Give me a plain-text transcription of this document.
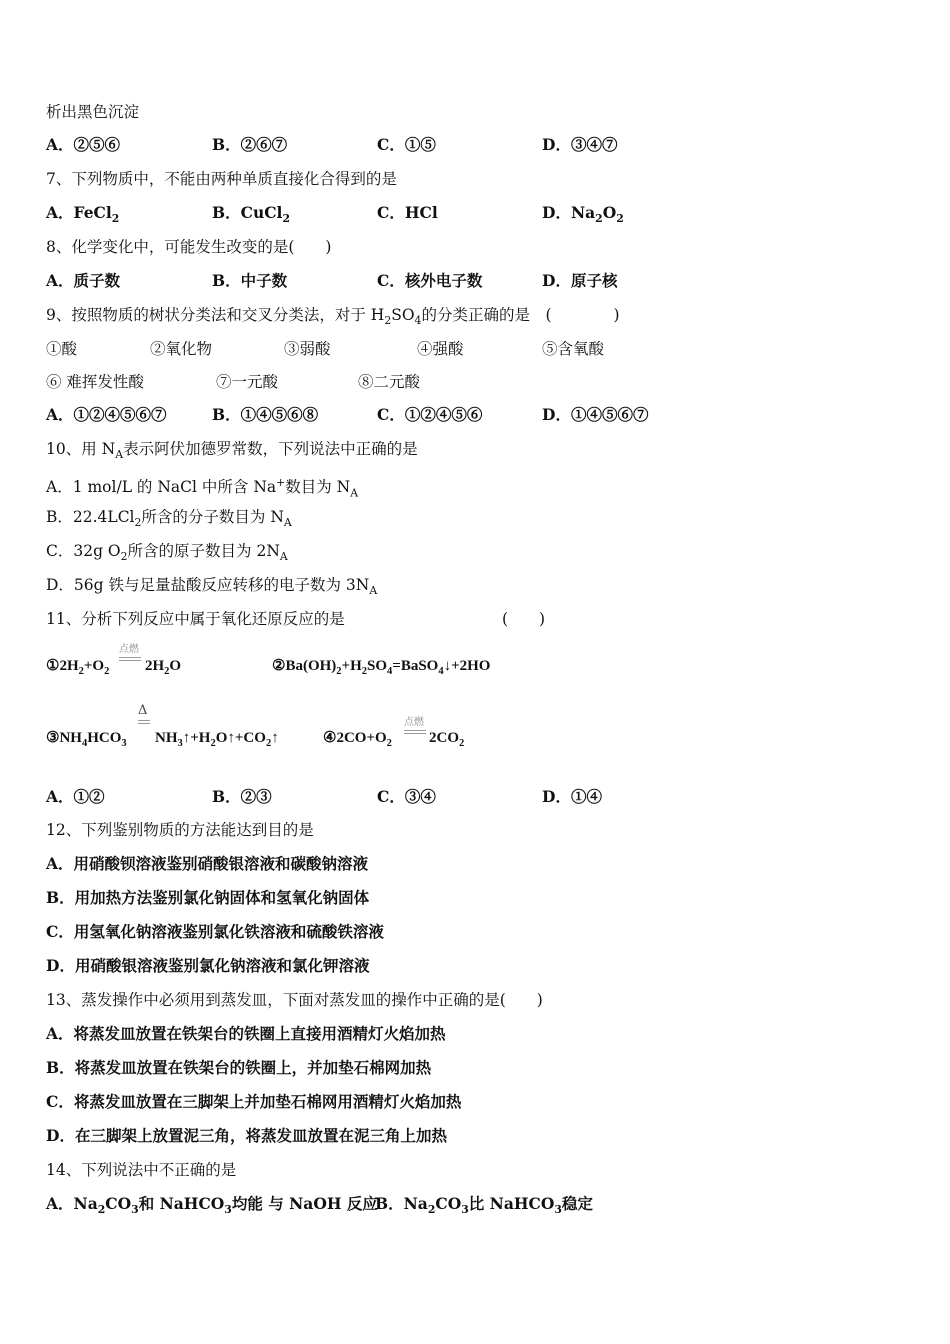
析出黑色沉淀
A．②⑤⑥	B．②⑥⑦	C．①⑤	D．③④⑦
7、下列物质中，不能由两种单质直接化合得到的是
A．FeCl$_2$	B．CuCl$_2$	C．HCl	D．$Na_2O_2$
8、化学变化中，可能发生改变的是(　　)
A．质子数	B．中子数	C．核外电子数	D．原子核
9、按照物质的树状分类法和交叉分类法，对于 $H_2SO_4$的分类正确的是　(　　　　)
①酸	②氧化物	③弱酸	④强酸	⑤含氧酸
⑥ 难挥发性酸	⑦一元酸	⑧二元酸
A．①②④⑤⑥⑦	B．①④⑤⑥⑧	C．①②④⑤⑥	D．①④⑤⑥⑦
10、用 $N_A$表示阿伏加德罗常数，下列说法中正确的是
A．1 mol/L 的 NaCl 中所含 Na+数目为 $N_A$
B．22.4LCl$_2$所含的分子数目为 $N_A$
C．32g $O_2$所含的原子数目为 $2N_A$
D．56g 铁与足量盐酸反应转移的电子数为 $3N_A$
11、分析下列反应中属于氧化还原反应的是	(　　)
$①2H_2+O_2$
点燃
$2H_2O$	$②Ba(OH)_2+H_2SO_4=BaSO_4↓+2HO$
$③NH_4HCO_3$
Δ
$NH_3↑+H_2O↑+CO_2↑$	$④2CO+O_2$
点燃
$2CO_2$
A．①②	B．②③	C．③④	D．①④
12、下列鉴别物质的方法能达到目的是
A．用硝酸钡溶液鉴别硝酸银溶液和碳酸钠溶液
B．用加热方法鉴别氯化钠固体和氢氧化钠固体
C．用氢氧化钠溶液鉴别氯化铁溶液和硫酸铁溶液
D．用硝酸银溶液鉴别氯化钠溶液和氯化钾溶液
13、蒸发操作中必须用到蒸发皿，下面对蒸发皿的操作中正确的是(　　)
A．将蒸发皿放置在铁架台的铁圈上直接用酒精灯火焰加热
B．将蒸发皿放置在铁架台的铁圈上，并加垫石棉网加热
C．将蒸发皿放置在三脚架上并加垫石棉网用酒精灯火焰加热
D．在三脚架上放置泥三角，将蒸发皿放置在泥三角上加热
14、下列说法中不正确的是
A．$Na_2CO_3$和 NaHCO$_3$均能 与 NaOH 反应
B．$Na_2CO_3$比 NaHCO$_3$稳定
